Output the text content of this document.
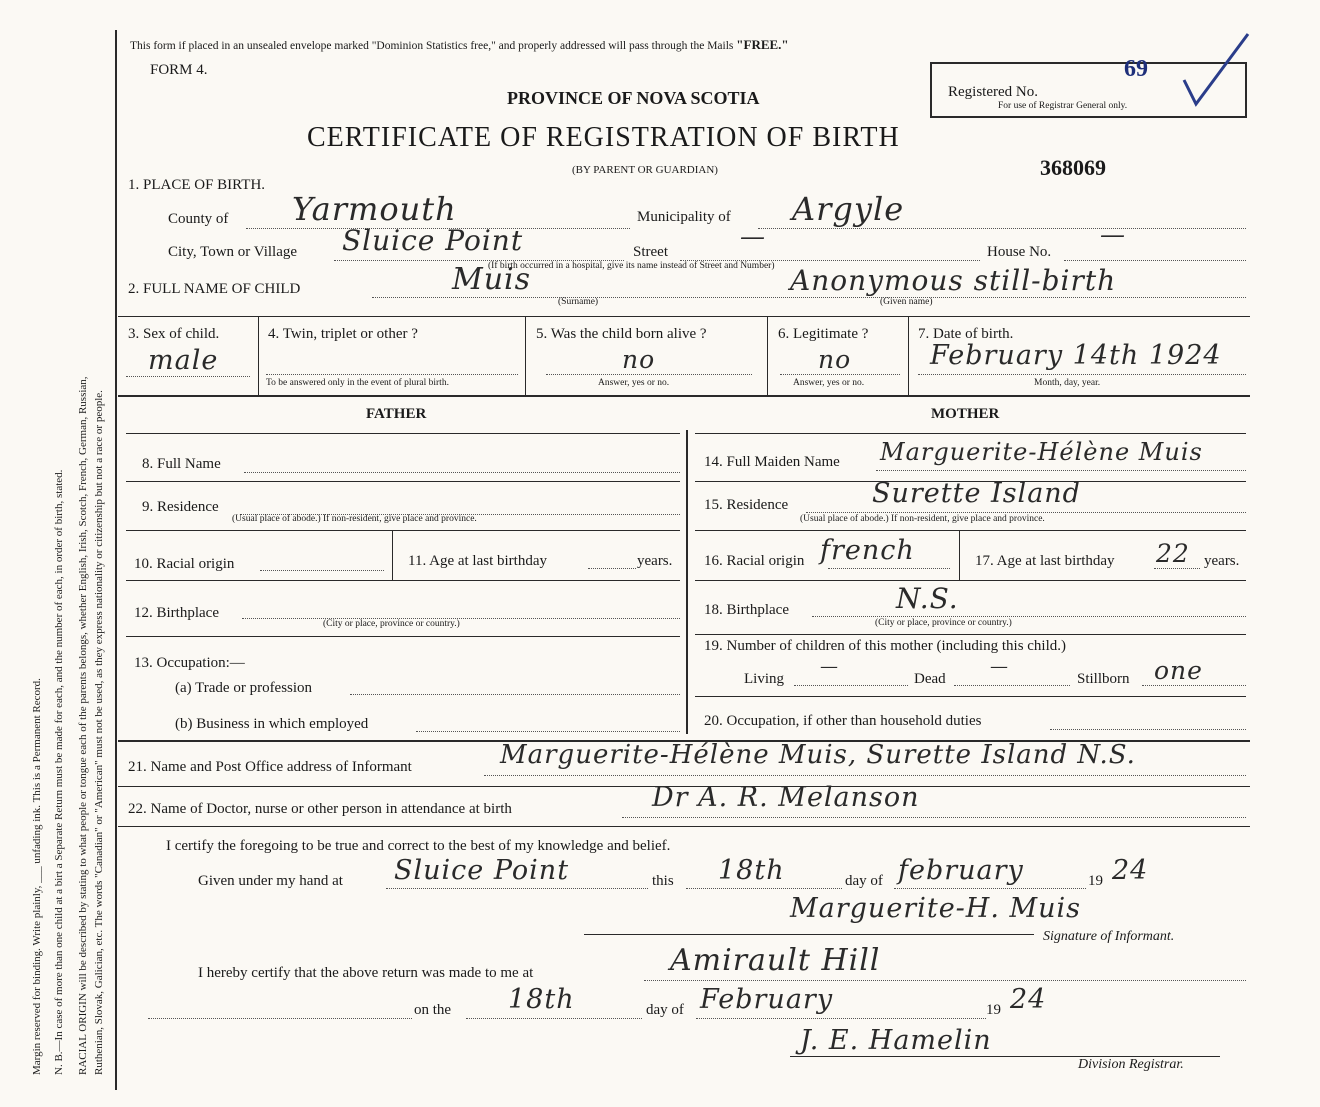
Margin reserved for binding. Write plainly, ___ unfading ink. This is a Permanent Record. N. B.—In case of more than one child at a birt a Separate Return must be made for each, and the number of each, in order of birth, stated. RACIAL ORIGIN will be described by stating to what people or tongue each of the parents belongs, whether English, Irish, Scotch, French, German, Russian, Ruthenian, Slovak, Galician, etc. The words "Canadian" or "American" must not be used, as they express nationality or citizenship but not a race or people.
This form if placed in an unsealed envelope marked "Dominion Statistics free," and properly addressed will pass through the Mails "FREE."
FORM 4.
PROVINCE OF NOVA SCOTIA
CERTIFICATE OF REGISTRATION OF BIRTH
(BY PARENT OR GUARDIAN)	368069
Registered No.
69
For use of Registrar General only.
1. PLACE OF BIRTH.
County of Yarmouth	Municipality of Argyle
City, Town or Village Sluice Point	Street
—
House No.
—
(If birth occurred in a hospital, give its name instead of Street and Number)
2. FULL NAME OF CHILD	Muis
(Surname)
Anonymous still-birth
(Given name)
3. Sex of child.
male
4. Twin, triplet or other ?
To be answered only in the event of plural birth.
5. Was the child born alive ?
no
Answer, yes or no.
6. Legitimate ?
no
Answer, yes or no.
7. Date of birth.
February 14th 1924
Month, day, year.
FATHER	MOTHER
8. Full Name
9. Residence
(Usual place of abode.) If non-resident, give place and province.
10. Racial origin	11. Age at last birthday	years.
12. Birthplace
(City or place, province or country.)
13. Occupation:—
(a) Trade or profession
(b) Business in which employed
14. Full Maiden Name Marguerite-Hélène Muis
15. Residence	Surette Island
(Usual place of abode.) If non-resident, give place and province.
16. Racial origin french	17. Age at last birthday 22 years.
18. Birthplace	N.S.
(City or place, province or country.)
19. Number of children of this mother (including this child.)
Living
—
Dead
—
Stillborn one
20. Occupation, if other than household duties
21. Name and Post Office address of Informant	Marguerite-Hélène Muis, Surette Island N.S.
22. Name of Doctor, nurse or other person in attendance at birth	Dr A. R. Melanson
I certify the foregoing to be true and correct to the best of my knowledge and belief.
Given under my hand at Sluice Point	this 18th	day of february	19 24
Marguerite-H. Muis
Signature of Informant.
I hereby certify that the above return was made to me at	Amirault Hill
on the 18th	day of February	19 24
J. E. Hamelin
Division Registrar.
